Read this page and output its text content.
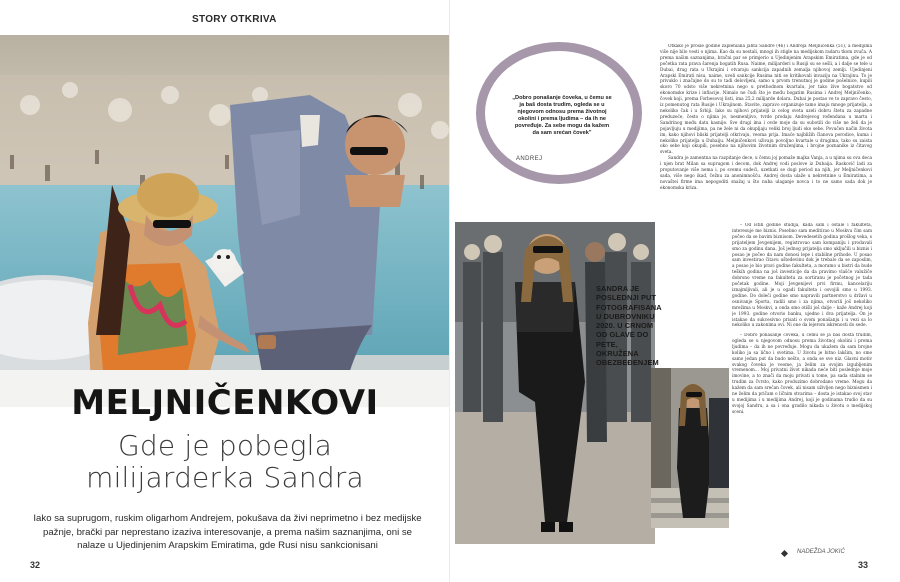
STORY OTKRIVA
MELJNIČENKOVI
Gde je pobegla
milijarderka Sandra
Iako sa suprugom, ruskim oligarhom Andrejem, pokušava da živi neprimetno i bez medijske pažnje, brački par neprestano izaziva interesovanje, a prema našim saznanjima, oni se nalaze u Ujedinjenim Arapskim Emiratima, gde Rusi nisu sankcionisani
32
„Dobro ponašanje čoveka, u čemu se ja baš dosta trudim, ogleda se u njegovom odnosu prema životnoj okolini i prema ljudima – da ih ne povređuje. Za sebe mogu da kažem da sam srećan čovek"
ANDREJ

Otkako je prošle godine zapleniana jahta Sandre (46) i Andreja Meljničenka (51), a medijima više nije bilo vesti o njima. Kao da su nestali, mnogi ih stigle na medijskom radaru tkom zvuča. A prema našim saznanjima, bračni par se primjerio u Ujedinjenim Arapskim Emiratima, gde je od početka rata prava šarenja bogatih Rusa. Naime, milijarderi u Rusiji su se sešli, a i dalje se tele u Dubai, drug rata u Ukrajini i otvaraju sankcija zapadnih zemalja njihovoj zemlji. Ujedinjeni Arapski Emirati nisu, naime, uveli sankcije Rusima niti se kritikovali invaziju na Ukrajinu. To je privuklo i značajne do su to tadi delovljeni, samo u prvom trenutnoj je godine pošelnice, kupili skoro 70 odsto više nekretnina nego u prethodnom kvartalu, jer tako žive bogatstvo od ekonomske krize i inflacije. Nimalo ne čudi što je među bogatim Rusima i Andrej Meljničenko, čovek koji, prema Forbesovoj listi, ima 25,2 milijarde dolara. Dubai je postao ve to zapravo često, iz pomenutog rata Rusije i Ukrajinom. Stavite, zapravo organizuje tamo imaju mnoge prijatelja, a nekoliko čak i u Srbiji. Iako su njihovi prijatelji iz celog sveta uzeli dobru štetu za zapadne preduzeće, često o njima je, nesmenljivo, tvrde prodaju Andrejevog rođendana u martu i Sandrinog među datu kasnije. Sve drugi ima i ovde moje da su subotili do više ne želi da je pojavljuju u medijima, pa ne žele ni da okupljaju veliki broj ljudi oko sebe. Povučen način života im, kako njihovi bliski prijatelji otkrivaju, veoma prija. Imaće najbližih članova porodice, kuma i nekoliko prijatelja u Dubaiju. Meljničenkovi uživaju povoljno kvartale u drugima, tako su zaista oko sebe koji okupili, posebno na njihovim životnim druženjima, i brojne poznanike iz čitavog sveta.

Sandra je zamentna na razpitanje dece, u čemu joj pomaže majka Vanja, a u njima su ova deca i njen brat Milan sa suprugom i decom, dok Andrej vodi poslove iz Dubaija. Rasković ladi za proputovanje više nema i, po svemu sudeći, uzetkati se dugi period na njih, jer Meljničenkovi sada, više nego ikad, čežnu za anonimnošću. Andrej dosta ulaže u nekretnine u Emiratima, a novaštei firme ima nepogoditi snažaj u što nuba ulaganje novca i to ne samo sada dok je ekonomska kriza.

SANDRA JE POSLEDNJI PUT FOTOGRAFISANA U DUBROVNIKU 2020. U CRNOM OD GLAVE DO PETE, OKRUŽENA OBEZBEĐENJEM

– Od istih godine studija, kada sam i ostale i fakulteta, interesuje me biznis. Posebno sam meditirao u Moskvu čim sam počeo da se bavim biznisom. Devedesetih godina prošlog veka, s prijateljem Jevgenijem, registrovao sam kompaniju i prodavali smo za godinu dana. Još jednog prijatelja smo uključili u biznis i posao je počeo da nam donosi lepe i stabilne prihode. U posao sam investirao čitavu ušteđevinu dok je trebalo da se zaposlim, a posao je bio pravi godine fakulteta, a moramo u bistri da bude teških godina na još investicije da da pravimo vlašće valužiče dobrsno vreme na fakultetu za sortiranu je početnog je tada početak godine. Moji Jevgenijevi prvi firmu, kancelariju iznajmljivali, ali je u ogadi fakulteta i osvojili smo u 1993. godine. Do doleći godine smo napravili partnerstvo u državi u osnivanje Sporta, radili smo i za njima, otvorili još nekoliko mrežima u Moskvi, a onda smo otišli još dalje – kaže Andrej koji je 1993. godine otvorio banku, ujedno i dva prijatelja. On je istakao da sukcesivno prisati o svom ponašanju i u vezi sa lo nekoliko u zakonima ovi. Ni one da lejerom iskrenosti do sede.

– Dobro ponašanje čoveka, u čemu se ja baš dosta trudim, ogleda se u njegovom odnosu prema životnoj okolini i prema ljudima – da ih ne povređuje. Mogu da ukažem da sam brojne koliko ja sa lično i svetima. U životu je bitno lakšim, no sme samo jedan put da budo nešto, a onda se sve niz. Glavni motiv svakog čoveka je veome, ja želim za svojim izgubljenim vremenom... Moj privatni život nikada neće biti poslednje moje imovine, a to znači da moju privati u tome, pa sada stalnim se trudim za čvrsto, kako produzimo dobrodano vreme. Mogu da kažem da sam srećan čovek, ali nisam uživljen nego biznismen i ne želim da pričam o ličnim stvarima – dosta je istakao svoj stav u medijima i u medijima Andrej, koji je godinama trudio da su svojoj Sandru, a sa i ona gradilo nikada u životu o medijskoj sceni.

NADEŽDA JOKIĆ
33
